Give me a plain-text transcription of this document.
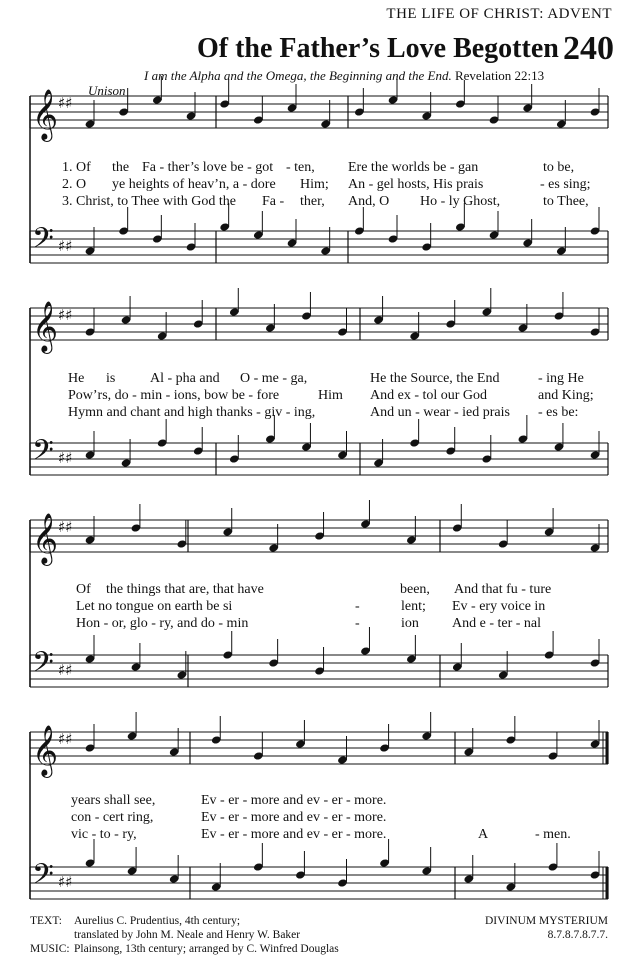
THE LIFE OF CHRIST: ADVENT
Of the Father’s Love Begotten 240
I am the Alpha and the Omega, the Beginning and the End. Revelation 22:13
Unison
𝄞 ♯♯
𝄢 ♯♯
𝄞 ♯♯
𝄢 ♯♯
𝄞 ♯♯
𝄢 ♯♯
𝄞 ♯♯
𝄢 ♯♯
1. Of the Fa - ther’s love be - got - ten, Ere the worlds be - gan	to be,
2. O ye heights of heav’n, a - dore Him; An - gel hosts, His prais	- es sing;
3. Christ, to Thee with God the Fa - ther, And, O Ho - ly Ghost,	to Thee,
He is Al - pha and O - me - ga,	He the Source, the End	- ing He
Pow’rs, do - min - ions, bow be - fore	Him And ex - tol our God	and King;
Hymn and chant and high thanks - giv - ing,	And un - wear - ied prais - es be:
Of the things that are, that have	been, And that fu - ture
Let no tongue on earth be si	-	lent; Ev - ery voice in
Hon - or, glo - ry, and do - min	-	ion And e - ter - nal
years shall see,	Ev - er - more and ev - er - more.
con - cert ring,	Ev - er - more and ev - er - more.
vic - to - ry,	Ev - er - more and ev - er - more.	A	- men.
TEXT: Aurelius C. Prudentius, 4th century;
translated by John M. Neale and Henry W. Baker
MUSIC: Plainsong, 13th century; arranged by C. Winfred Douglas
DIVINUM MYSTERIUM
8.7.8.7.8.7.7.
